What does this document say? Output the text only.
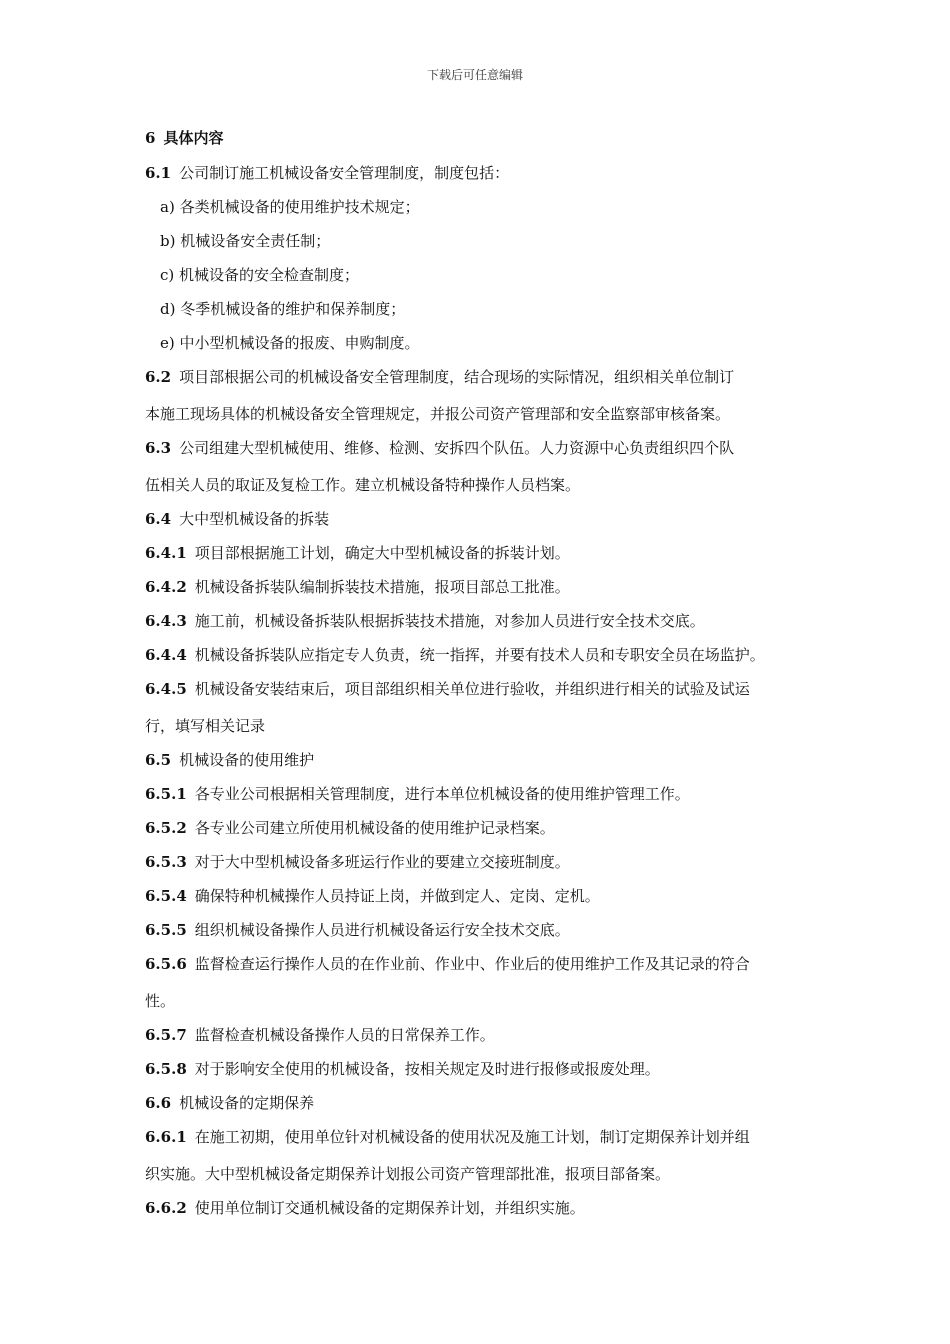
下载后可任意编辑
6 具体内容
6.1 公司制订施工机械设备安全管理制度，制度包括：
a) 各类机械设备的使用维护技术规定；
b) 机械设备安全责任制；
c) 机械设备的安全检查制度；
d) 冬季机械设备的维护和保养制度；
e) 中小型机械设备的报废、申购制度。
6.2 项目部根据公司的机械设备安全管理制度，结合现场的实际情况，组织相关单位制订
本施工现场具体的机械设备安全管理规定，并报公司资产管理部和安全监察部审核备案。
6.3 公司组建大型机械使用、维修、检测、安拆四个队伍。人力资源中心负责组织四个队
伍相关人员的取证及复检工作。建立机械设备特种操作人员档案。
6.4 大中型机械设备的拆装
6.4.1 项目部根据施工计划，确定大中型机械设备的拆装计划。
6.4.2 机械设备拆装队编制拆装技术措施，报项目部总工批准。
6.4.3 施工前，机械设备拆装队根据拆装技术措施，对参加人员进行安全技术交底。
6.4.4 机械设备拆装队应指定专人负责，统一指挥，并要有技术人员和专职安全员在场监护。
6.4.5 机械设备安装结束后，项目部组织相关单位进行验收，并组织进行相关的试验及试运
行，填写相关记录
6.5 机械设备的使用维护
6.5.1 各专业公司根据相关管理制度，进行本单位机械设备的使用维护管理工作。
6.5.2 各专业公司建立所使用机械设备的使用维护记录档案。
6.5.3 对于大中型机械设备多班运行作业的要建立交接班制度。
6.5.4 确保特种机械操作人员持证上岗，并做到定人、定岗、定机。
6.5.5 组织机械设备操作人员进行机械设备运行安全技术交底。
6.5.6 监督检查运行操作人员的在作业前、作业中、作业后的使用维护工作及其记录的符合
性。
6.5.7 监督检查机械设备操作人员的日常保养工作。
6.5.8 对于影响安全使用的机械设备，按相关规定及时进行报修或报废处理。
6.6 机械设备的定期保养
6.6.1 在施工初期，使用单位针对机械设备的使用状况及施工计划，制订定期保养计划并组
织实施。大中型机械设备定期保养计划报公司资产管理部批准，报项目部备案。
6.6.2 使用单位制订交通机械设备的定期保养计划，并组织实施。
